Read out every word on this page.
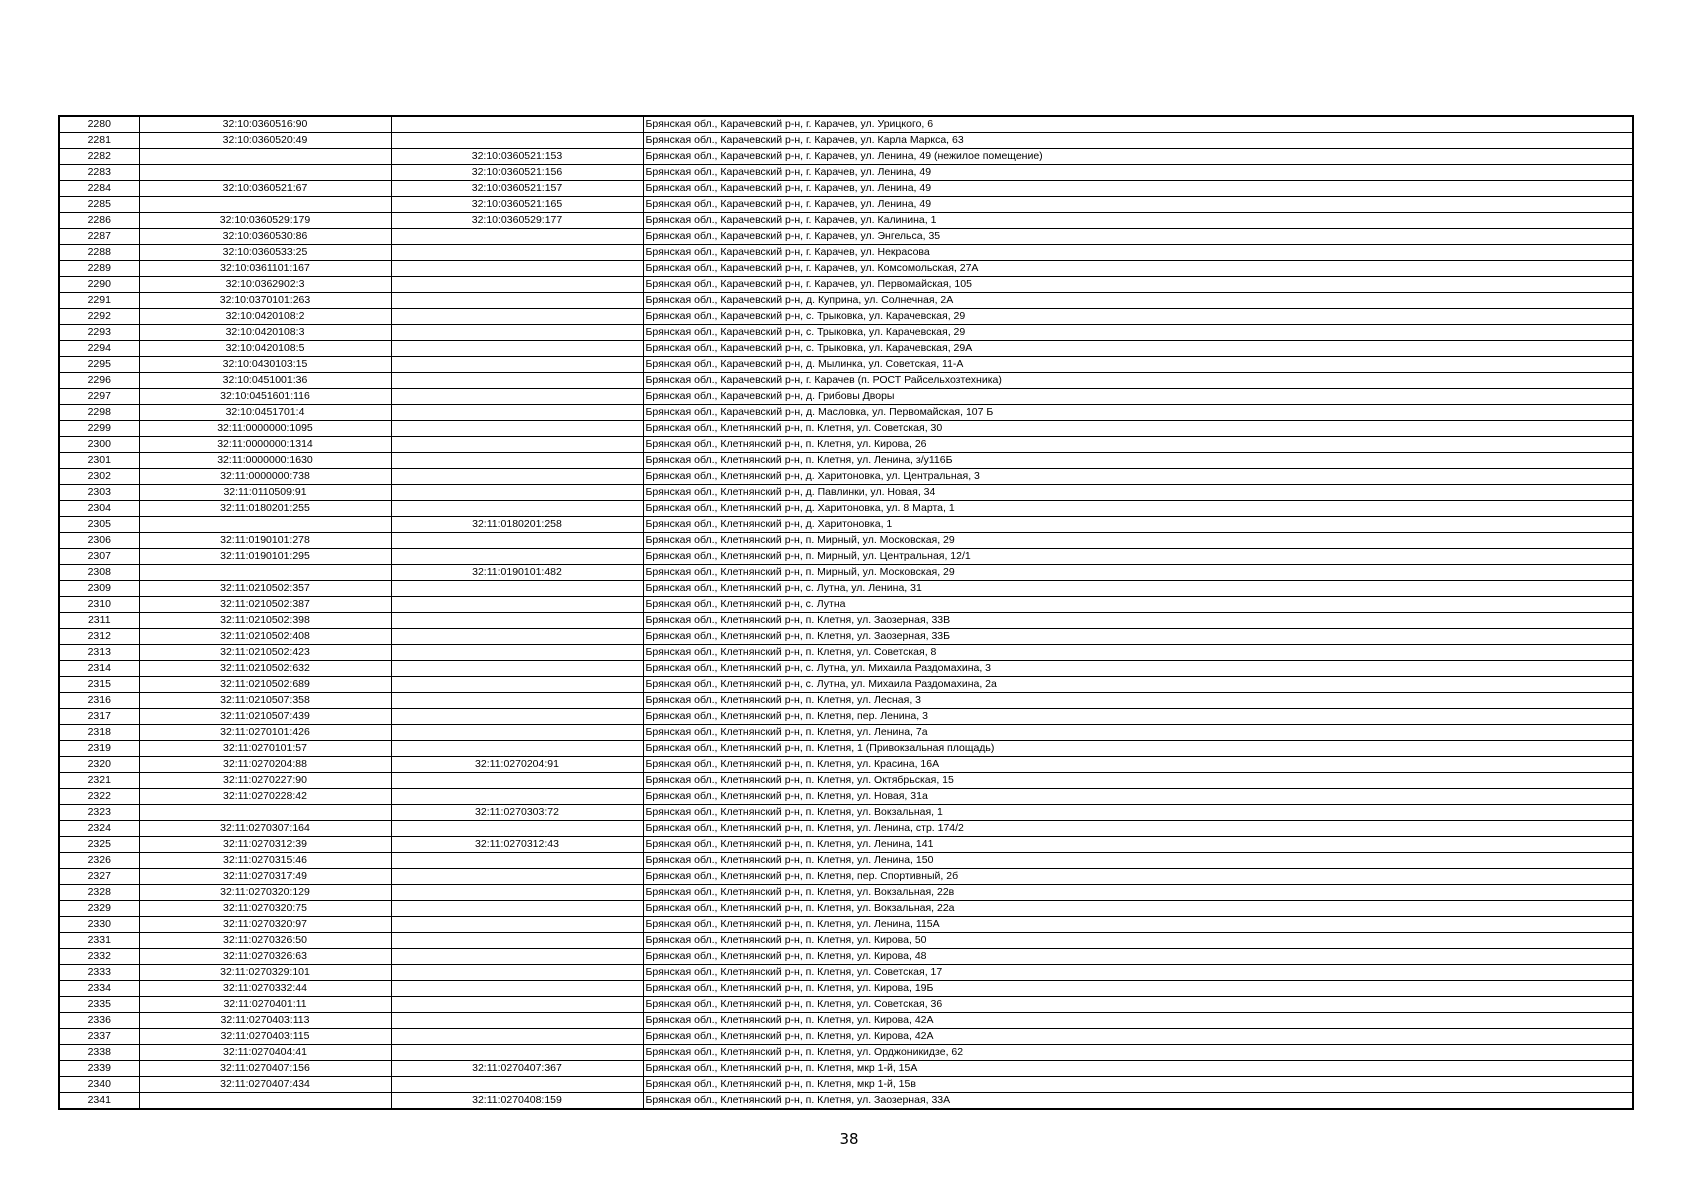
2280	32:10:0360516:90		Брянская обл., Карачевский р-н, г. Карачев, ул. Урицкого, 6
2281	32:10:0360520:49		Брянская обл., Карачевский р-н, г. Карачев, ул. Карла Маркса, 63
2282		32:10:0360521:153	Брянская обл., Карачевский р-н, г. Карачев, ул. Ленина, 49 (нежилое помещение)
2283		32:10:0360521:156	Брянская обл., Карачевский р-н, г. Карачев, ул. Ленина, 49
2284	32:10:0360521:67	32:10:0360521:157	Брянская обл., Карачевский р-н, г. Карачев, ул. Ленина, 49
2285		32:10:0360521:165	Брянская обл., Карачевский р-н, г. Карачев, ул. Ленина, 49
2286	32:10:0360529:179	32:10:0360529:177	Брянская обл., Карачевский р-н, г. Карачев, ул. Калинина, 1
2287	32:10:0360530:86		Брянская обл., Карачевский р-н, г. Карачев, ул. Энгельса, 35
2288	32:10:0360533:25		Брянская обл., Карачевский р-н, г. Карачев, ул. Некрасова
2289	32:10:0361101:167		Брянская обл., Карачевский р-н, г. Карачев, ул. Комсомольская, 27А
2290	32:10:0362902:3		Брянская обл., Карачевский р-н, г. Карачев, ул. Первомайская, 105
2291	32:10:0370101:263		Брянская обл., Карачевский р-н, д. Куприна, ул. Солнечная, 2А
2292	32:10:0420108:2		Брянская обл., Карачевский р-н, с. Трыковка, ул. Карачевская, 29
2293	32:10:0420108:3		Брянская обл., Карачевский р-н, с. Трыковка, ул. Карачевская, 29
2294	32:10:0420108:5		Брянская обл., Карачевский р-н, с. Трыковка, ул. Карачевская, 29А
2295	32:10:0430103:15		Брянская обл., Карачевский р-н, д. Мылинка, ул. Советская, 11-А
2296	32:10:0451001:36		Брянская обл., Карачевский р-н, г. Карачев (п. РОСТ Райсельхозтехника)
2297	32:10:0451601:116		Брянская обл., Карачевский р-н, д. Грибовы Дворы
2298	32:10:0451701:4		Брянская обл., Карачевский р-н, д. Масловка, ул. Первомайская, 107 Б
2299	32:11:0000000:1095		Брянская обл., Клетнянский р-н, п. Клетня, ул. Советская, 30
2300	32:11:0000000:1314		Брянская обл., Клетнянский р-н, п. Клетня, ул. Кирова, 26
2301	32:11:0000000:1630		Брянская обл., Клетнянский р-н, п. Клетня, ул. Ленина, з/у116Б
2302	32:11:0000000:738		Брянская обл., Клетнянский р-н, д. Харитоновка, ул. Центральная, 3
2303	32:11:0110509:91		Брянская обл., Клетнянский р-н, д. Павлинки, ул. Новая, 34
2304	32:11:0180201:255		Брянская обл., Клетнянский р-н, д. Харитоновка, ул. 8 Марта, 1
2305		32:11:0180201:258	Брянская обл., Клетнянский р-н, д. Харитоновка, 1
2306	32:11:0190101:278		Брянская обл., Клетнянский р-н, п. Мирный, ул. Московская, 29
2307	32:11:0190101:295		Брянская обл., Клетнянский р-н, п. Мирный, ул. Центральная, 12/1
2308		32:11:0190101:482	Брянская обл., Клетнянский р-н, п. Мирный, ул. Московская, 29
2309	32:11:0210502:357		Брянская обл., Клетнянский р-н, с. Лутна, ул. Ленина, 31
2310	32:11:0210502:387		Брянская обл., Клетнянский р-н, с. Лутна
2311	32:11:0210502:398		Брянская обл., Клетнянский р-н, п. Клетня, ул. Заозерная, 33В
2312	32:11:0210502:408		Брянская обл., Клетнянский р-н, п. Клетня, ул. Заозерная, 33Б
2313	32:11:0210502:423		Брянская обл., Клетнянский р-н, п. Клетня, ул. Советская, 8
2314	32:11:0210502:632		Брянская обл., Клетнянский р-н, с. Лутна, ул. Михаила Раздомахина, 3
2315	32:11:0210502:689		Брянская обл., Клетнянский р-н, с. Лутна, ул. Михаила Раздомахина, 2а
2316	32:11:0210507:358		Брянская обл., Клетнянский р-н, п. Клетня, ул. Лесная, 3
2317	32:11:0210507:439		Брянская обл., Клетнянский р-н, п. Клетня, пер. Ленина, 3
2318	32:11:0270101:426		Брянская обл., Клетнянский р-н, п. Клетня, ул. Ленина, 7а
2319	32:11:0270101:57		Брянская обл., Клетнянский р-н, п. Клетня, 1 (Привокзальная площадь)
2320	32:11:0270204:88	32:11:0270204:91	Брянская обл., Клетнянский р-н, п. Клетня, ул. Красина, 16А
2321	32:11:0270227:90		Брянская обл., Клетнянский р-н, п. Клетня, ул. Октябрьская, 15
2322	32:11:0270228:42		Брянская обл., Клетнянский р-н, п. Клетня, ул. Новая, 31а
2323		32:11:0270303:72	Брянская обл., Клетнянский р-н, п. Клетня, ул. Вокзальная, 1
2324	32:11:0270307:164		Брянская обл., Клетнянский р-н, п. Клетня, ул. Ленина, стр. 174/2
2325	32:11:0270312:39	32:11:0270312:43	Брянская обл., Клетнянский р-н, п. Клетня, ул. Ленина, 141
2326	32:11:0270315:46		Брянская обл., Клетнянский р-н, п. Клетня, ул. Ленина, 150
2327	32:11:0270317:49		Брянская обл., Клетнянский р-н, п. Клетня, пер. Спортивный, 2б
2328	32:11:0270320:129		Брянская обл., Клетнянский р-н, п. Клетня, ул. Вокзальная, 22в
2329	32:11:0270320:75		Брянская обл., Клетнянский р-н, п. Клетня, ул. Вокзальная, 22а
2330	32:11:0270320:97		Брянская обл., Клетнянский р-н, п. Клетня, ул. Ленина, 115А
2331	32:11:0270326:50		Брянская обл., Клетнянский р-н, п. Клетня, ул. Кирова, 50
2332	32:11:0270326:63		Брянская обл., Клетнянский р-н, п. Клетня, ул. Кирова, 48
2333	32:11:0270329:101		Брянская обл., Клетнянский р-н, п. Клетня, ул. Советская, 17
2334	32:11:0270332:44		Брянская обл., Клетнянский р-н, п. Клетня, ул. Кирова, 19Б
2335	32:11:0270401:11		Брянская обл., Клетнянский р-н, п. Клетня, ул. Советская, 36
2336	32:11:0270403:113		Брянская обл., Клетнянский р-н, п. Клетня, ул. Кирова, 42А
2337	32:11:0270403:115		Брянская обл., Клетнянский р-н, п. Клетня, ул. Кирова, 42А
2338	32:11:0270404:41		Брянская обл., Клетнянский р-н, п. Клетня, ул. Орджоникидзе, 62
2339	32:11:0270407:156	32:11:0270407:367	Брянская обл., Клетнянский р-н, п. Клетня, мкр 1-й, 15А
2340	32:11:0270407:434		Брянская обл., Клетнянский р-н, п. Клетня, мкр 1-й, 15в
2341		32:11:0270408:159	Брянская обл., Клетнянский р-н, п. Клетня, ул. Заозерная, 33А
38
